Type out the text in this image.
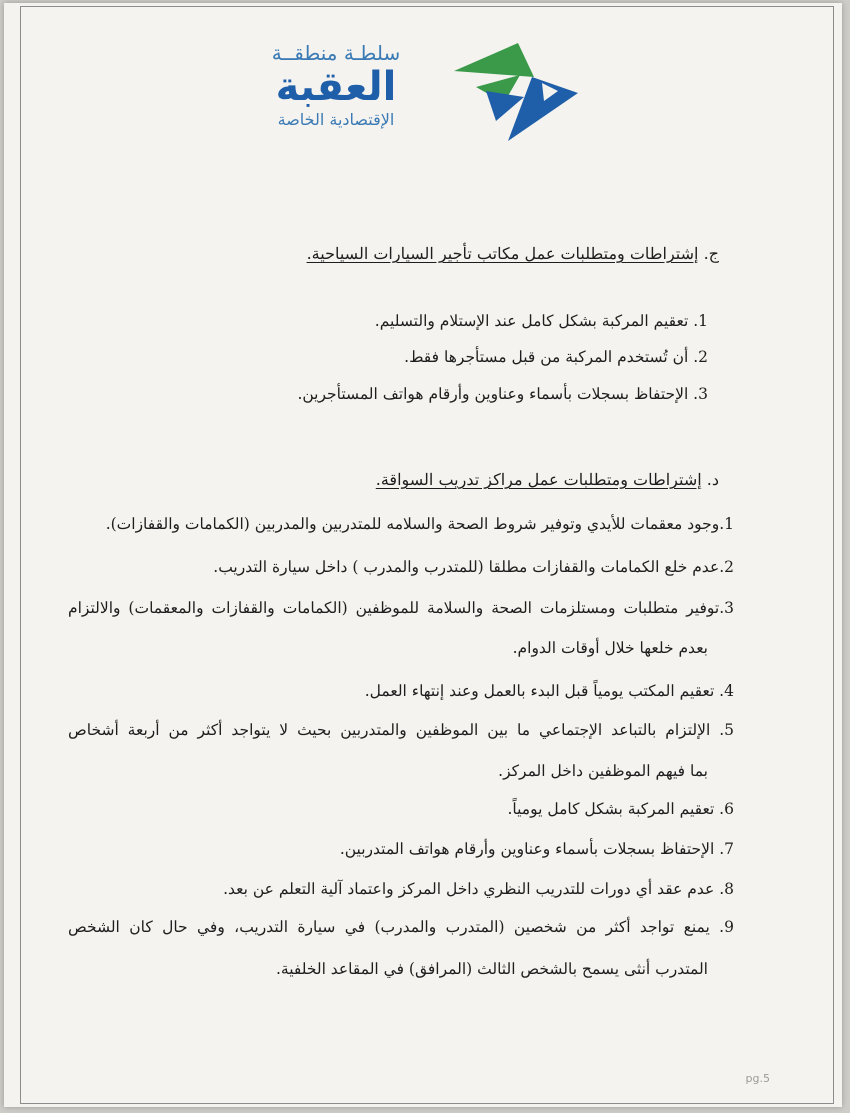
سلطـة منطقــة
العقبة
الإقتصادية الخاصة
ج. إشتراطات ومتطلبات عمل مكاتب تأجير السيارات السياحية.
1. تعقيم المركبة بشكل كامل عند الإستلام والتسليم.
2. أن تُستخدم المركبة من قبل مستأجرها فقط.
3. الإحتفاظ بسجلات بأسماء وعناوين وأرقام هواتف المستأجرين.
د. إشتراطات ومتطلبات عمل مراكز تدريب السواقة.
1.وجود معقمات للأيدي وتوفير شروط الصحة والسلامه للمتدربين والمدربين (الكمامات والقفازات).
2.عدم خلع الكمامات والقفازات مطلقا (للمتدرب والمدرب ) داخل سيارة التدريب.
3.توفير متطلبات ومستلزمات الصحة والسلامة للموظفين (الكمامات والقفازات والمعقمات) والالتزام
بعدم خلعها خلال أوقات الدوام.
4. تعقيم المكتب يومياً قبل البدء بالعمل وعند إنتهاء العمل.
5. الإلتزام بالتباعد الإجتماعي ما بين الموظفين والمتدربين بحيث لا يتواجد أكثر من أربعة أشخاص
بما فيهم الموظفين داخل المركز.
6. تعقيم المركبة بشكل كامل يومياً.
7. الإحتفاظ بسجلات بأسماء وعناوين وأرقام هواتف المتدربين.
8. عدم عقد أي دورات للتدريب النظري داخل المركز واعتماد آلية التعلم عن بعد.
9. يمنع تواجد أكثر من شخصين (المتدرب والمدرب) في سيارة التدريب، وفي حال كان الشخص
المتدرب أنثى يسمح بالشخص الثالث (المرافق) في المقاعد الخلفية.
pg.5
